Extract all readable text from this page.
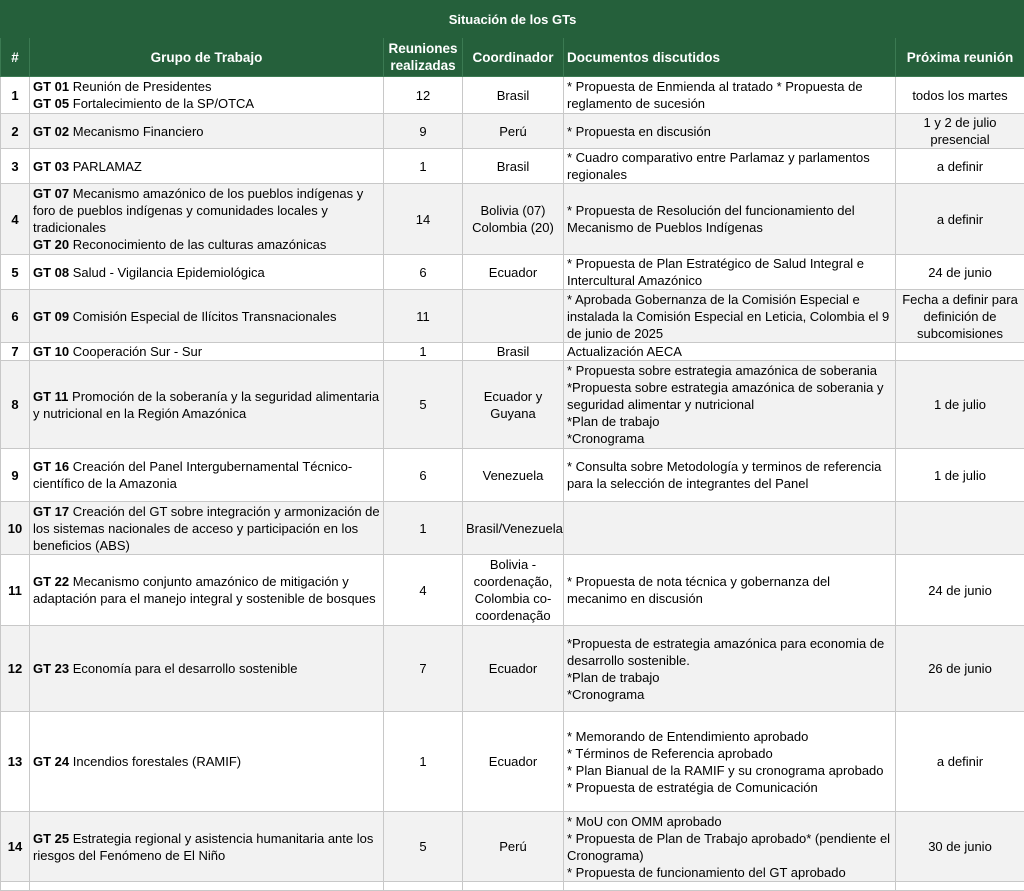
Situación de los GTs					
#	Grupo de Trabajo	Reuniones
realizadas	Coordinador	Documentos discutidos	Próxima reunión
1	GT 01 Reunión de Presidentes
GT 05 Fortalecimiento de la SP/OTCA	12	Brasil	* Propuesta de Enmienda al tratado * Propuesta de reglamento de sucesión	todos los martes
2	GT 02 Mecanismo Financiero	9	Perú	* Propuesta en discusión	1 y 2 de julio presencial
3	GT 03 PARLAMAZ	1	Brasil	* Cuadro comparativo entre Parlamaz y parlamentos regionales	a definir
4	GT 07 Mecanismo amazónico de los pueblos indígenas y foro de pueblos indígenas y comunidades locales y tradicionales
GT 20 Reconocimiento de las culturas amazónicas	14	Bolivia (07) Colombia (20)	* Propuesta de Resolución del funcionamiento del Mecanismo de Pueblos Indígenas	a definir
5	GT 08 Salud - Vigilancia Epidemiológica	6	Ecuador	* Propuesta de Plan Estratégico de Salud Integral e Intercultural Amazónico	24 de junio
6	GT 09 Comisión Especial de Ilícitos Transnacionales	11		* Aprobada Gobernanza de la Comisión Especial e instalada la Comisión Especial en Leticia, Colombia el 9 de junio de 2025	Fecha a definir para definición de subcomisiones
7	GT 10 Cooperación Sur - Sur	1	Brasil	Actualización AECA	

8	GT 11 Promoción de la soberanía y la seguridad alimentaria y nutricional en la Región Amazónica	5	Ecuador y Guyana	* Propuesta sobre estrategia amazónica de soberania *Propuesta sobre estrategia amazónica de soberania y seguridad alimentar y nutricional
*Plan de trabajo
*Cronograma	1 de julio
9	GT 16 Creación del Panel Intergubernamental Técnico-científico de la Amazonia	6	Venezuela	* Consulta sobre Metodología y terminos de referencia para la selección de integrantes del Panel	1 de julio
10	GT 17 Creación del GT sobre integración y armonización de los sistemas nacionales de acceso y participación en los beneficios (ABS)	1	Brasil/Venezuela		
11	GT 22 Mecanismo conjunto amazónico de mitigación y adaptación para el manejo integral y sostenible de bosques	4	Bolivia - coordenação, Colombia co-coordenação	* Propuesta de nota técnica y gobernanza del mecanimo en discusión	24 de junio
12	GT 23 Economía para el desarrollo sostenible	7	Ecuador	*Propuesta de estrategia amazónica para economia de desarrollo sostenible.
*Plan de trabajo
*Cronograma	26 de junio
13	GT 24 Incendios forestales (RAMIF)	1	Ecuador	* Memorando de Entendimiento aprobado
* Términos de Referencia aprobado
* Plan Bianual de la RAMIF y su cronograma aprobado
* Propuesta de estratégia de Comunicación	a definir
14	GT 25 Estrategia regional y asistencia humanitaria ante los riesgos del Fenómeno de El Niño	5	Perú	* MoU con OMM aprobado
* Propuesta de Plan de Trabajo aprobado* (pendiente el Cronograma)
* Propuesta de funcionamiento del GT aprobado	30 de junio
